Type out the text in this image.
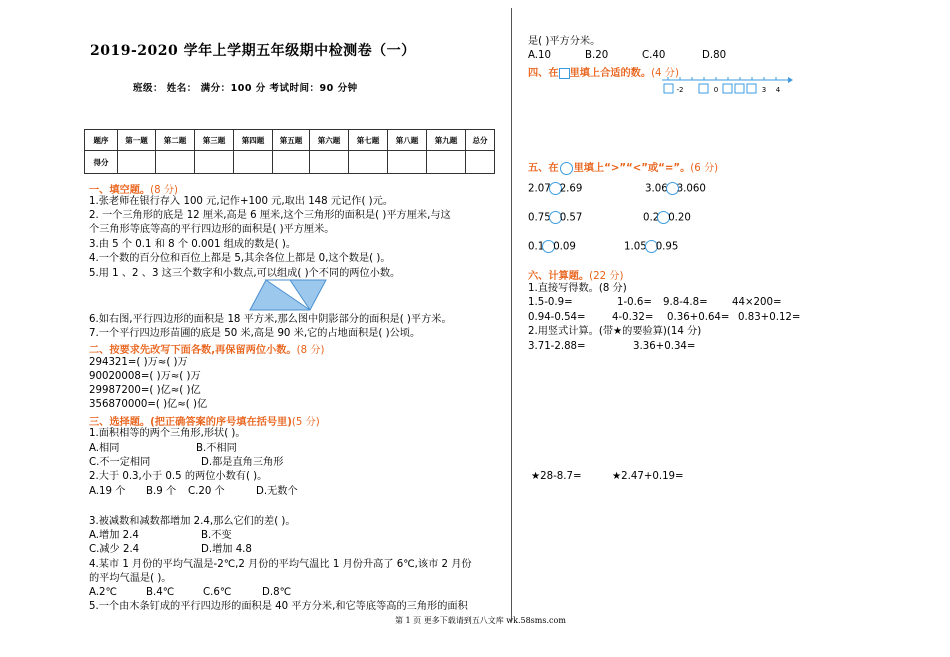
2019-2020 学年上学期五年级期中检测卷（一）
班级： 姓名： 满分：100 分 考试时间：90 分钟
题序	第一题	第二题	第三题	第四题	第五题	第六题	第七题	第八题	第九题	总分
得分										
一、填空题。(8 分)
1.张老师在银行存入 100 元,记作+100 元,取出 148 元记作( )元。
2. 一个三角形的底是 12 厘米,高是 6 厘米,这个三角形的面积是( )平方厘米,与这
个三角形等底等高的平行四边形的面积是( )平方厘米。
3.由 5 个 0.1 和 8 个 0.001 组成的数是( )。
4.一个数的百分位和百位上都是 5,其余各位上都是 0,这个数是( )。
5.用 1 、2 、3 这三个数字和小数点,可以组成( )个不同的两位小数。
6.如右图,平行四边形的面积是 18 平方米,那么图中阴影部分的面积是( )平方米。
7.一个平行四边形苗圃的底是 50 米,高是 90 米,它的占地面积是( )公顷。
二、按要求先改写下面各数,再保留两位小数。(8 分)
294321=( )万≈( )万
90020008=( )万≈( )万
29987200=( )亿≈( )亿
356870000=( )亿≈( )亿
三、选择题。(把正确答案的序号填在括号里)(5 分)
1.面积相等的两个三角形,形状( )。
A.相同	B.不相同
C.不一定相同	D.都是直角三角形
2.大于 0.3,小于 0.5 的两位小数有( )。
A.19 个 B.9 个 C.20 个	D.无数个
3.被减数和减数都增加 2.4,那么它们的差( )。
A.增加 2.4	B.不变
C.减少 2.4	D.增加 4.8
4.某市 1 月份的平均气温是-2℃,2 月份的平均气温比 1 月份升高了 6℃,该市 2 月份
的平均气温是( )。
A.2℃	B.4℃	C.6℃	D.8℃
5.一个由木条钉成的平行四边形的面积是 40 平方分米,和它等底等高的三角形的面积
是( )平方分米。
A.10	B.20	C.40	D.80
四、在 里填上合适的数。(4 分)
-2	0	3 4
五、在 里填上“>”“<”或“=”。(6 分)
2.07 2.69	3.06 3.060
0.75 0.57	0.2 0.20
0.1 0.09	1.05 0.95
六、计算题。(22 分)
1.直接写得数。(8 分)
1.5-0.9=	1-0.6= 9.8-4.8= 44×200=
0.94-0.54=	4-0.32= 0.36+0.64= 0.83+0.12=
2.用竖式计算。(带★的要验算)(14 分)
3.71-2.88=	3.36+0.34=
★28-8.7=	★2.47+0.19=
第 1 页 更多下载请到五八文库 wk.58sms.com
